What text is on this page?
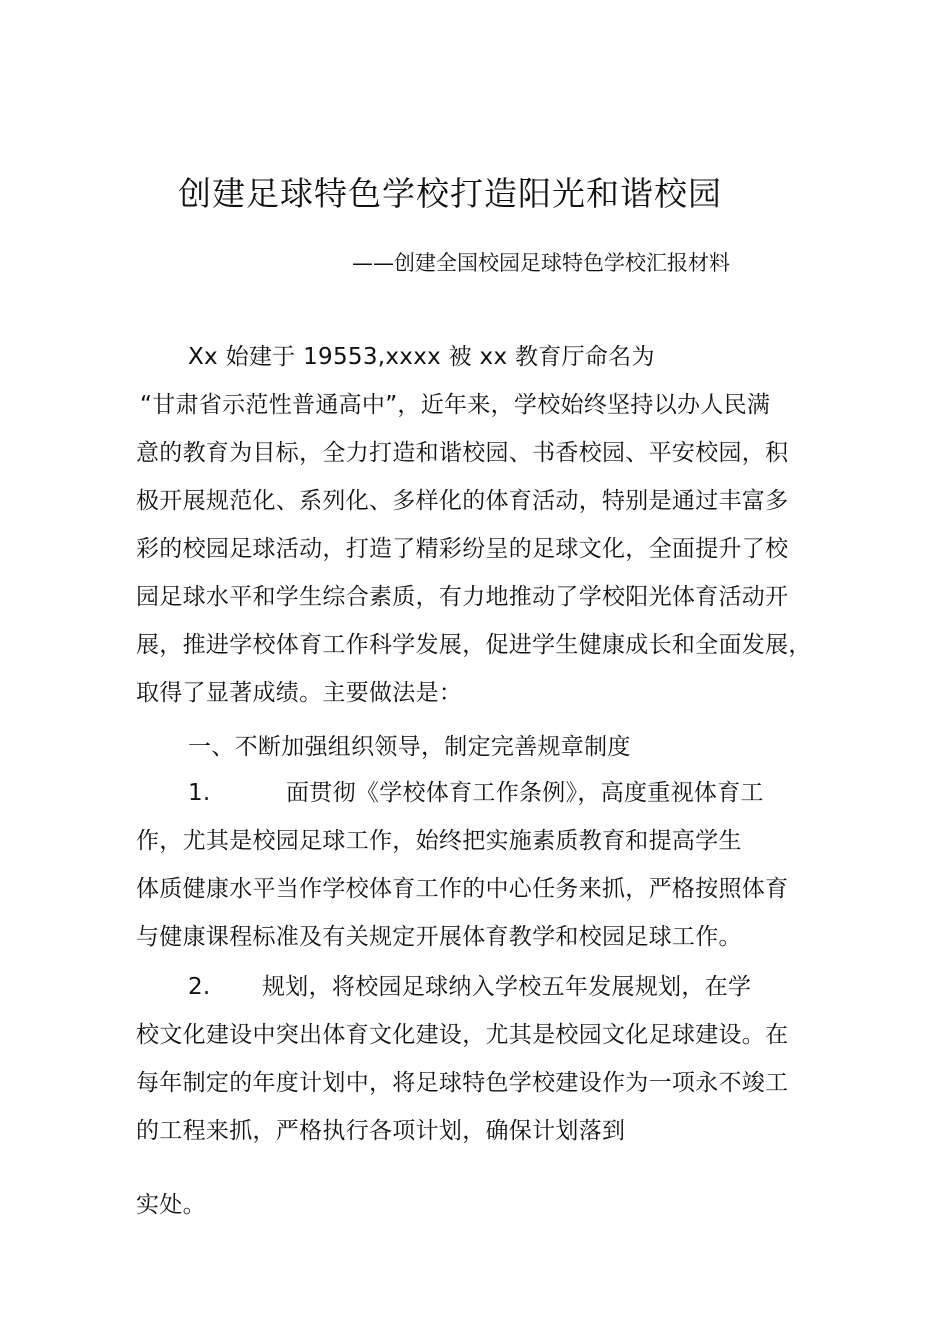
创建足球特色学校打造阳光和谐校园
——创建全国校园足球特色学校汇报材料
Xx 始建于 19553,xxxx 被 xx 教育厅命名为
“甘肃省示范性普通高中”，近年来，学校始终坚持以办人民满
意的教育为目标，全力打造和谐校园、书香校园、平安校园，积
极开展规范化、系列化、多样化的体育活动，特别是通过丰富多
彩的校园足球活动，打造了精彩纷呈的足球文化，全面提升了校
园足球水平和学生综合素质，有力地推动了学校阳光体育活动开
展，推进学校体育工作科学发展，促进学生健康成长和全面发展，
取得了显著成绩。主要做法是：
一、不断加强组织领导，制定完善规章制度
1.	面贯彻《学校体育工作条例》，高度重视体育工
作，尤其是校园足球工作，始终把实施素质教育和提高学生
体质健康水平当作学校体育工作的中心任务来抓，严格按照体育
与健康课程标准及有关规定开展体育教学和校园足球工作。
2. 规划，将校园足球纳入学校五年发展规划，在学
校文化建设中突出体育文化建设，尤其是校园文化足球建设。在
每年制定的年度计划中，将足球特色学校建设作为一项永不竣工
的工程来抓，严格执行各项计划，确保计划落到
实处。
